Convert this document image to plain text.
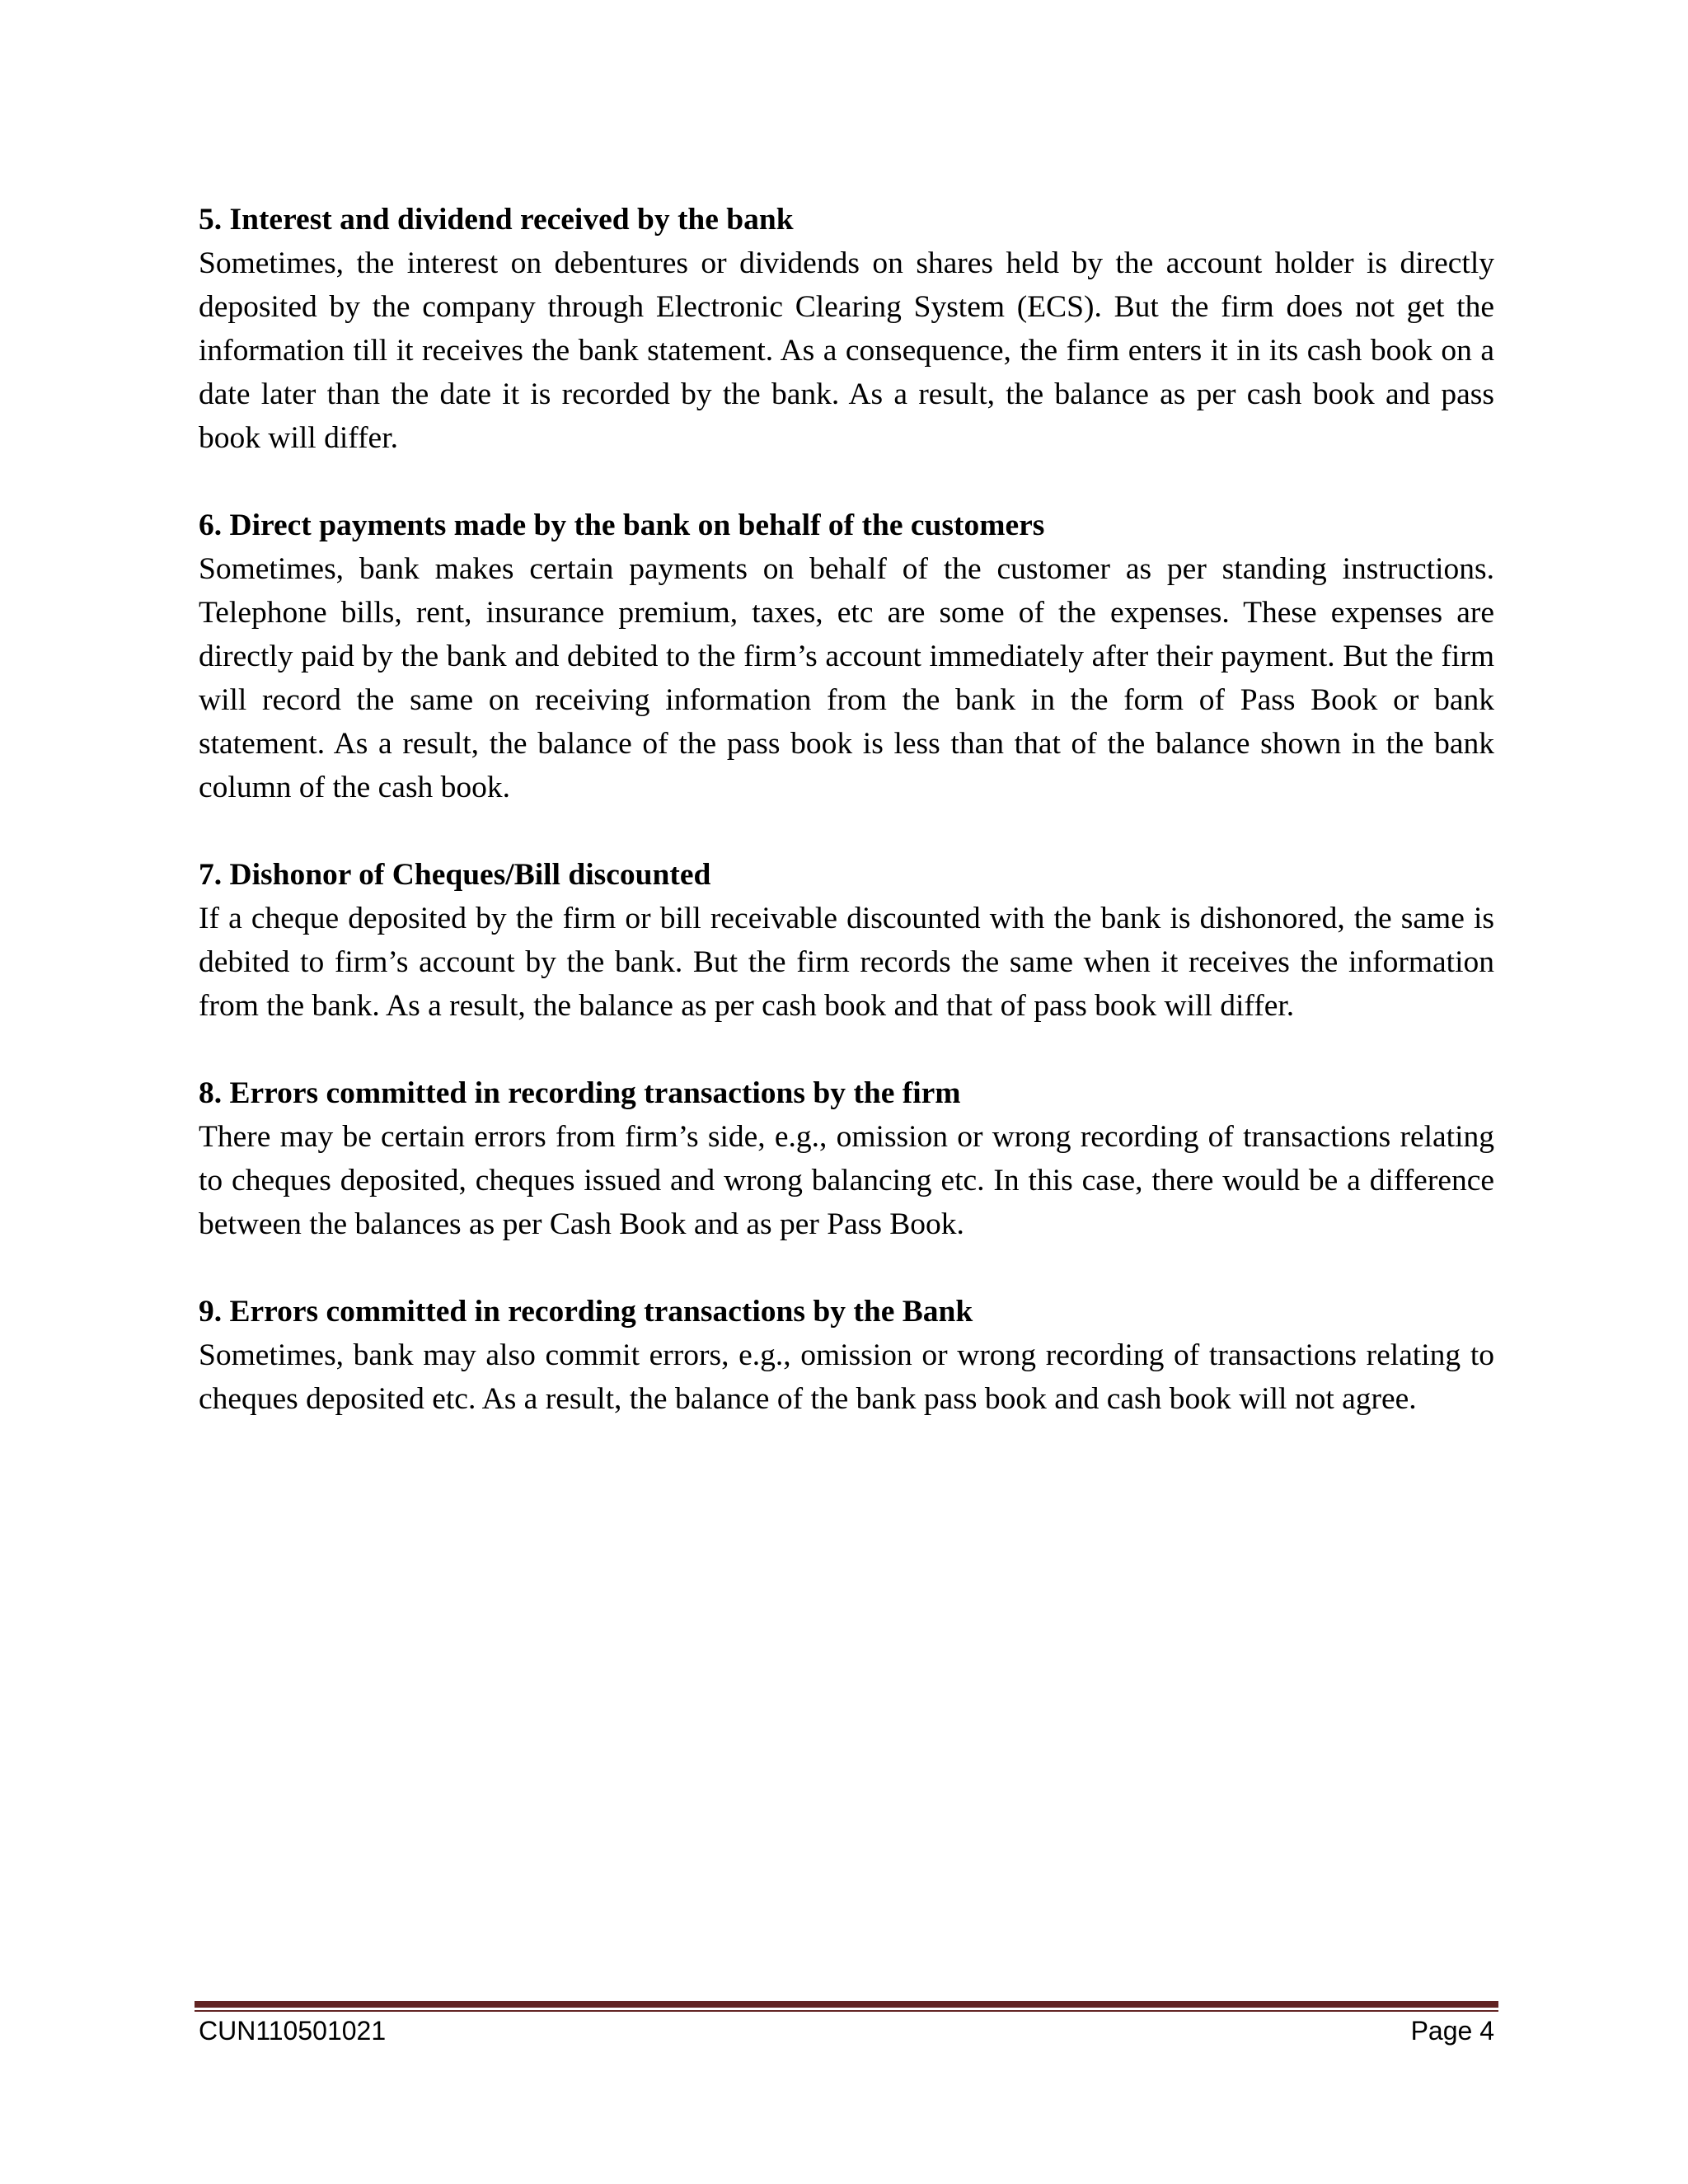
5. Interest and dividend received by the bank

Sometimes, the interest on debentures or dividends on shares held by the account holder is directly deposited by the company through Electronic Clearing System (ECS). But the firm does not get the information till it receives the bank statement. As a consequence, the firm enters it in its cash book on a date later than the date it is recorded by the bank. As a result, the balance as per cash book and pass book will differ.

6. Direct payments made by the bank on behalf of the customers

Sometimes, bank makes certain payments on behalf of the customer as per standing instructions. Telephone bills, rent, insurance premium, taxes, etc are some of the expenses. These expenses are directly paid by the bank and debited to the firm’s account immediately after their payment. But the firm will record the same on receiving information from the bank in the form of Pass Book or bank statement. As a result, the balance of the pass book is less than that of the balance shown in the bank column of the cash book.

7. Dishonor of Cheques/Bill discounted

If a cheque deposited by the firm or bill receivable discounted with the bank is dishonored, the same is debited to firm’s account by the bank. But the firm records the same when it receives the information from the bank. As a result, the balance as per cash book and that of pass book will differ.

8. Errors committed in recording transactions by the firm

There may be certain errors from firm’s side, e.g., omission or wrong recording of transactions relating to cheques deposited, cheques issued and wrong balancing etc. In this case, there would be a difference between the balances as per Cash Book and as per Pass Book.

9. Errors committed in recording transactions by the Bank

Sometimes, bank may also commit errors, e.g., omission or wrong recording of transactions relating to cheques deposited etc. As a result, the balance of the bank pass book and cash book will not agree.

CUN110501021	Page 4
